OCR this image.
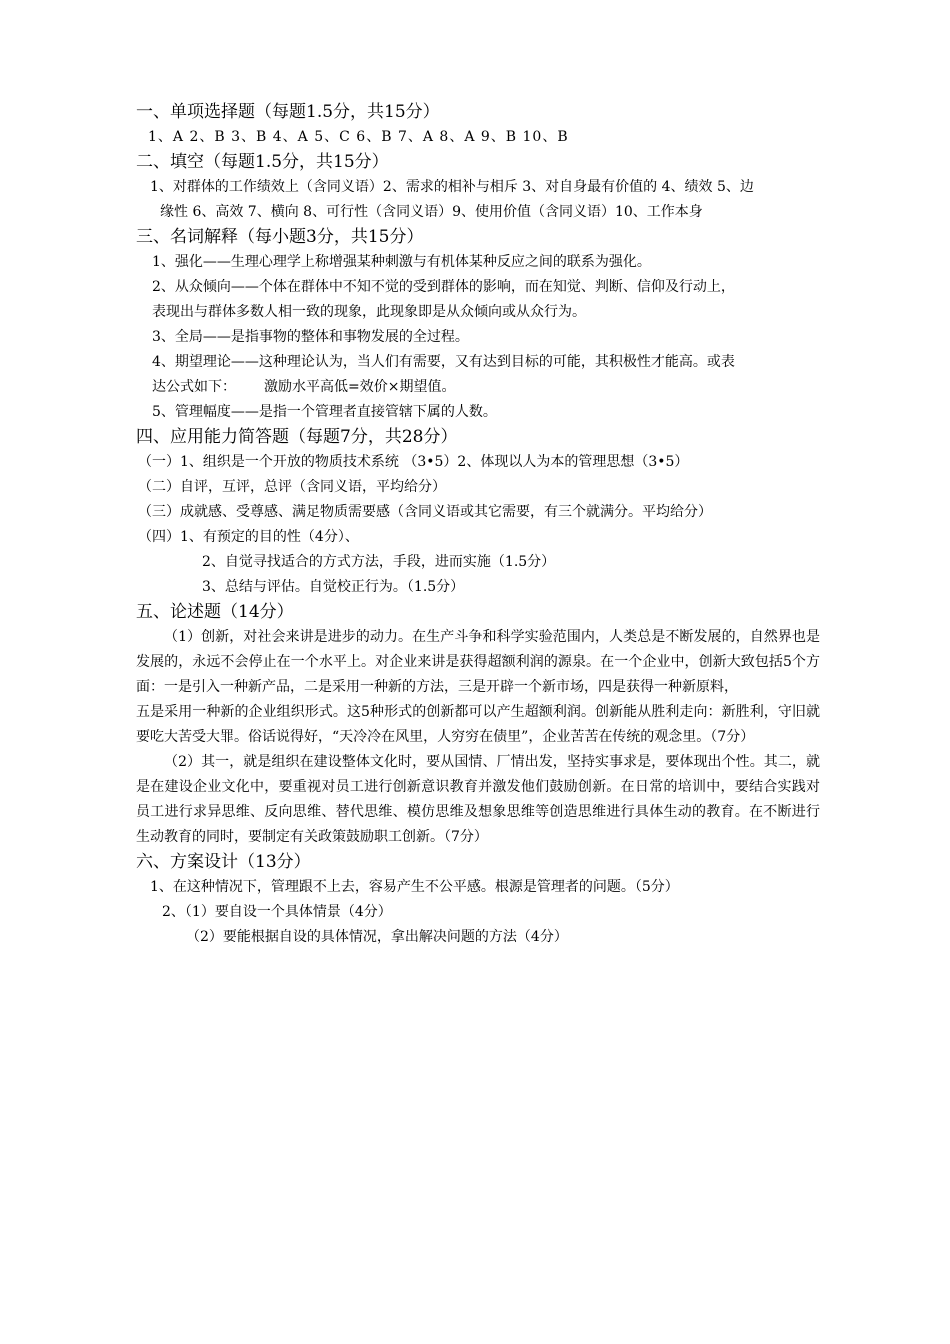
一、单项选择题（每题1.5分，共15分）
1、A 2、B 3、B 4、A 5、C 6、B 7、A 8、A 9、B 10、B
二、填空（每题1.5分，共15分）
1、对群体的工作绩效上（含同义语）2、需求的相补与相斥 3、对自身最有价值的 4、绩效 5、边
缘性 6、高效 7、横向 8、可行性（含同义语）9、使用价值（含同义语）10、工作本身
三、名词解释（每小题3分，共15分）
1、强化——生理心理学上称增强某种刺激与有机体某种反应之间的联系为强化。
2、从众倾向——个体在群体中不知不觉的受到群体的影响，而在知觉、判断、信仰及行动上，
表现出与群体多数人相一致的现象，此现象即是从众倾向或从众行为。
3、全局——是指事物的整体和事物发展的全过程。
4、期望理论——这种理论认为，当人们有需要，又有达到目标的可能，其积极性才能高。或表
达公式如下： 激励水平高低=效价×期望值。
5、管理幅度——是指一个管理者直接管辖下属的人数。
四、应用能力简答题（每题7分，共28分）
（一）1、组织是一个开放的物质技术系统 （3•5）2、体现以人为本的管理思想（3•5）
（二）自评，互评，总评（含同义语，平均给分）
（三）成就感、受尊感、满足物质需要感（含同义语或其它需要，有三个就满分。平均给分）
（四）1、有预定的目的性（4分）、
2、自觉寻找适合的方式方法，手段，进而实施（1.5分）
3、总结与评估。自觉校正行为。（1.5分）
五、论述题（14分）
（1）创新，对社会来讲是进步的动力。在生产斗争和科学实验范围内，人类总是不断发展的，自然界也是发展的，永远不会停止在一个水平上。对企业来讲是获得超额利润的源泉。在一个企业中，创新大致包括5个方面：一是引入一种新产品，二是采用一种新的方法，三是开辟一个新市场，四是获得一种新原料，
五是采用一种新的企业组织形式。这5种形式的创新都可以产生超额利润。创新能从胜利走向：新胜利，守旧就要吃大苦受大罪。俗话说得好，“天冷冷在风里，人穷穷在债里”，企业苦苦在传统的观念里。（7分）
（2）其一，就是组织在建设整体文化时，要从国情、厂情出发，坚持实事求是，要体现出个性。其二，就是在建设企业文化中，要重视对员工进行创新意识教育并激发他们鼓励创新。在日常的培训中，要结合实践对员工进行求异思维、反向思维、替代思维、模仿思维及想象思维等创造思维进行具体生动的教育。在不断进行生动教育的同时，要制定有关政策鼓励职工创新。（7分）
六、方案设计（13分）
1、在这种情况下，管理跟不上去，容易产生不公平感。根源是管理者的问题。（5分）
2、（1）要自设一个具体情景（4分）
（2）要能根据自设的具体情况，拿出解决问题的方法（4分）
